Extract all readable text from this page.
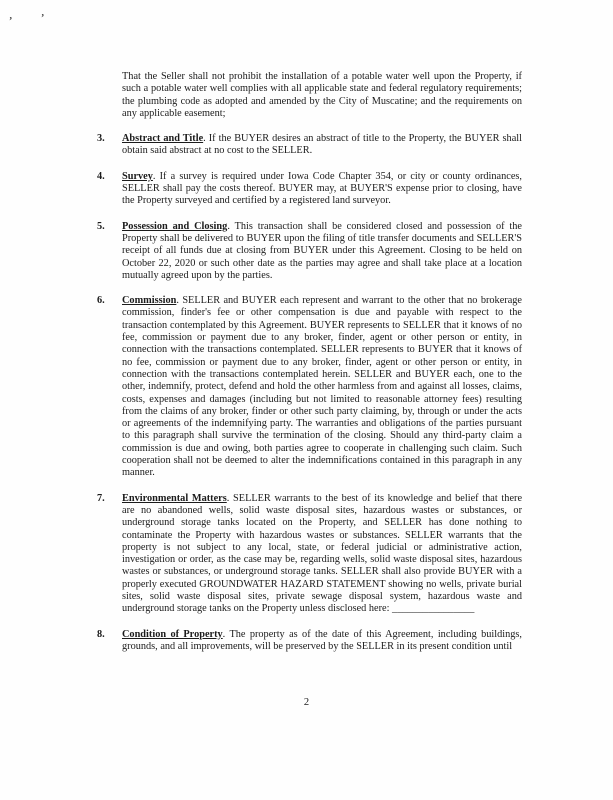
’	’

That the Seller shall not prohibit the installation of a potable water well upon the Property, if such a potable water well complies with all applicable state and federal regulatory requirements; the plumbing code as adopted and amended by the City of Muscatine; and the requirements on any applicable easement;

3. Abstract and Title. If the BUYER desires an abstract of title to the Property, the BUYER shall obtain said abstract at no cost to the SELLER.
4. Survey. If a survey is required under Iowa Code Chapter 354, or city or county ordinances, SELLER shall pay the costs thereof. BUYER may, at BUYER'S expense prior to closing, have the Property surveyed and certified by a registered land surveyor.
5. Possession and Closing. This transaction shall be considered closed and possession of the Property shall be delivered to BUYER upon the filing of title transfer documents and SELLER'S receipt of all funds due at closing from BUYER under this Agreement. Closing to be held on October 22, 2020 or such other date as the parties may agree and shall take place at a location mutually agreed upon by the parties.
6. Commission. SELLER and BUYER each represent and warrant to the other that no brokerage commission, finder's fee or other compensation is due and payable with respect to the transaction contemplated by this Agreement. BUYER represents to SELLER that it knows of no fee, commission or payment due to any broker, finder, agent or other person or entity, in connection with the transactions contemplated. SELLER represents to BUYER that it knows of no fee, commission or payment due to any broker, finder, agent or other person or entity, in connection with the transactions contemplated herein. SELLER and BUYER each, one to the other, indemnify, protect, defend and hold the other harmless from and against all losses, claims, costs, expenses and damages (including but not limited to reasonable attorney fees) resulting from the claims of any broker, finder or other such party claiming, by, through or under the acts or agreements of the indemnifying party. The warranties and obligations of the parties pursuant to this paragraph shall survive the termination of the closing. Should any third-party claim a commission is due and owing, both parties agree to cooperate in challenging such claim. Such cooperation shall not be deemed to alter the indemnifications contained in this paragraph in any manner.
7. Environmental Matters. SELLER warrants to the best of its knowledge and belief that there are no abandoned wells, solid waste disposal sites, hazardous wastes or substances, or underground storage tanks located on the Property, and SELLER has done nothing to contaminate the Property with hazardous wastes or substances. SELLER warrants that the property is not subject to any local, state, or federal judicial or administrative action, investigation or order, as the case may be, regarding wells, solid waste disposal sites, hazardous wastes or substances, or underground storage tanks. SELLER shall also provide BUYER with a properly executed GROUNDWATER HAZARD STATEMENT showing no wells, private burial sites, solid waste disposal sites, private sewage disposal system, hazardous waste and underground storage tanks on the Property unless disclosed here: ________________
8. Condition of Property. The property as of the date of this Agreement, including buildings, grounds, and all improvements, will be preserved by the SELLER in its present condition until
2
